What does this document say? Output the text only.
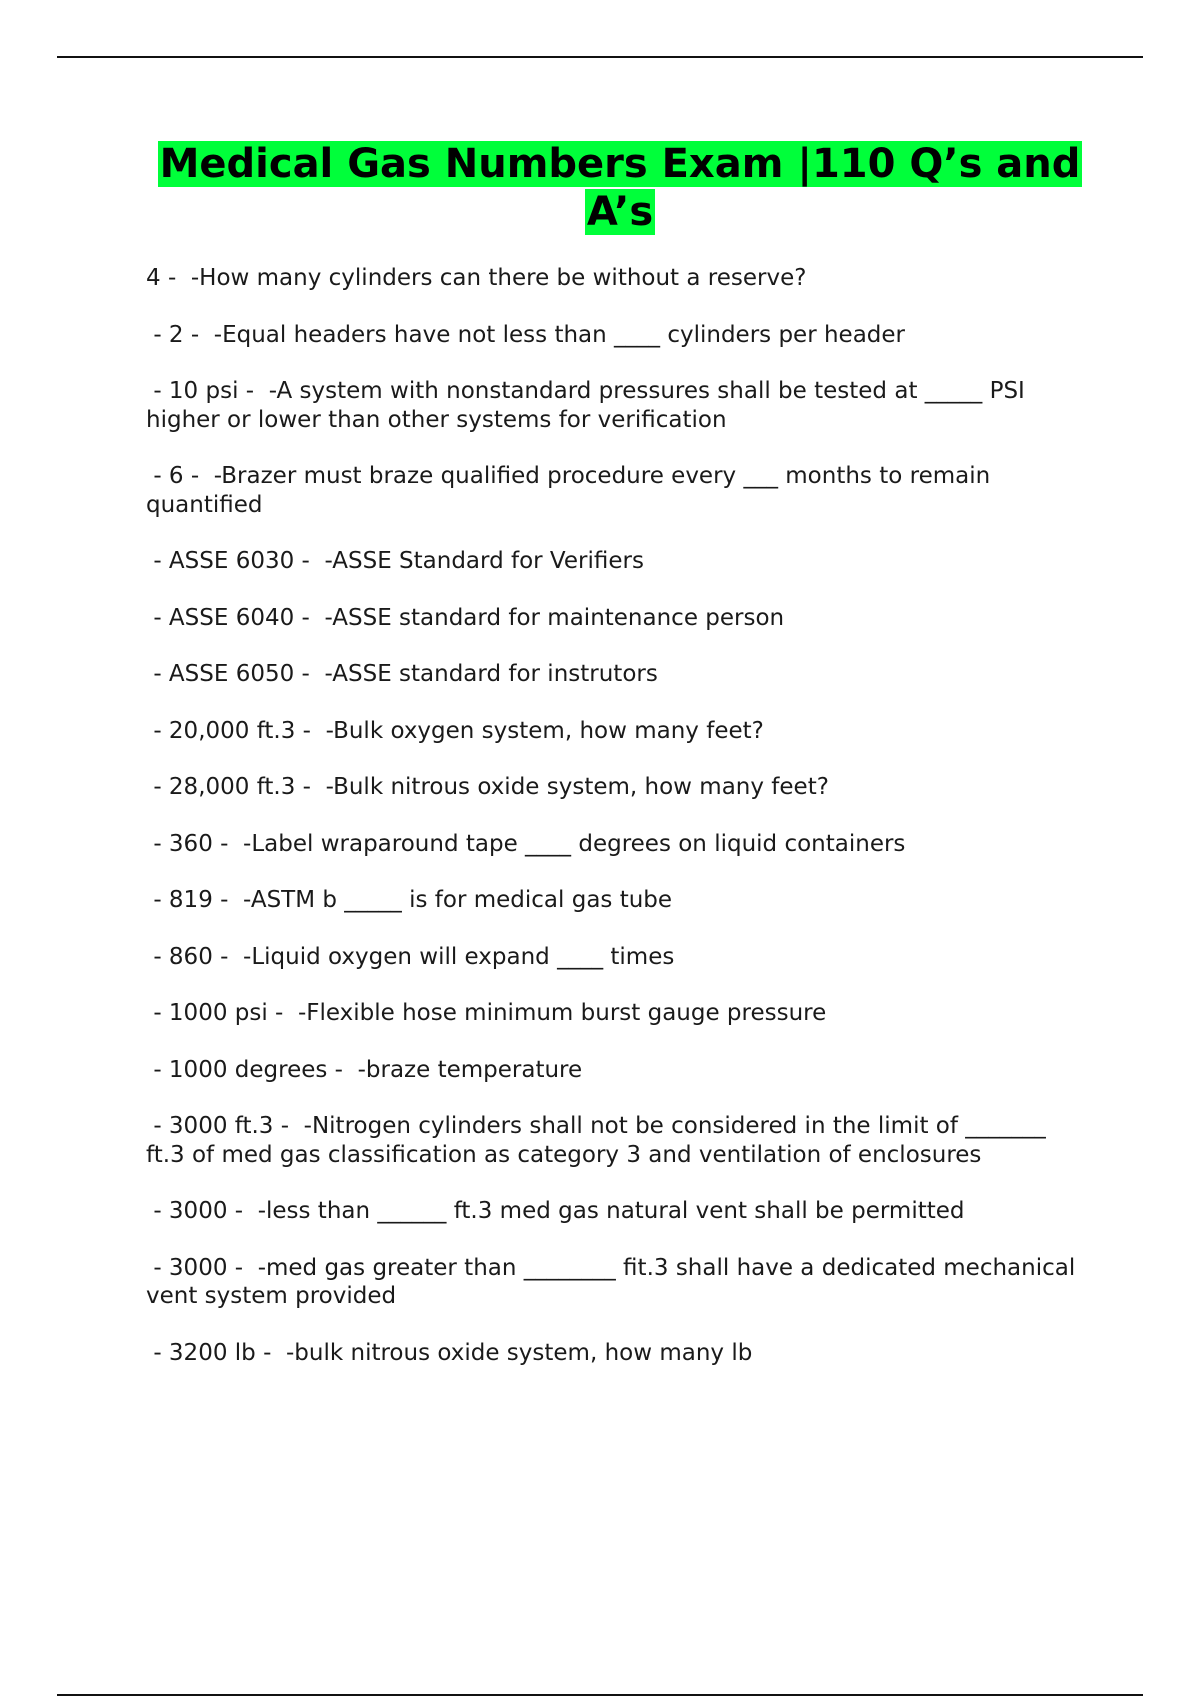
Medical Gas Numbers Exam |110 Q’s and A’s
4 -  -How many cylinders can there be without a reserve?
- 2 -  -Equal headers have not less than ____ cylinders per header
- 10 psi -  -A system with nonstandard pressures shall be tested at _____ PSI higher or lower than other systems for verification
- 6 -  -Brazer must braze qualified procedure every ___ months to remain quantified
- ASSE 6030 -  -ASSE Standard for Verifiers
- ASSE 6040 -  -ASSE standard for maintenance person
- ASSE 6050 -  -ASSE standard for instrutors
- 20,000 ft.3 -  -Bulk oxygen system, how many feet?
- 28,000 ft.3 -  -Bulk nitrous oxide system, how many feet?
- 360 -  -Label wraparound tape ____ degrees on liquid containers
- 819 -  -ASTM b _____ is for medical gas tube
- 860 -  -Liquid oxygen will expand ____ times
- 1000 psi -  -Flexible hose minimum burst gauge pressure
- 1000 degrees -  -braze temperature
- 3000 ft.3 -  -Nitrogen cylinders shall not be considered in the limit of _______ ft.3 of med gas classification as category 3 and ventilation of enclosures
- 3000 -  -less than ______ ft.3 med gas natural vent shall be permitted
- 3000 -  -med gas greater than ________ fit.3 shall have a dedicated mechanical vent system provided
- 3200 lb -  -bulk nitrous oxide system, how many lb
